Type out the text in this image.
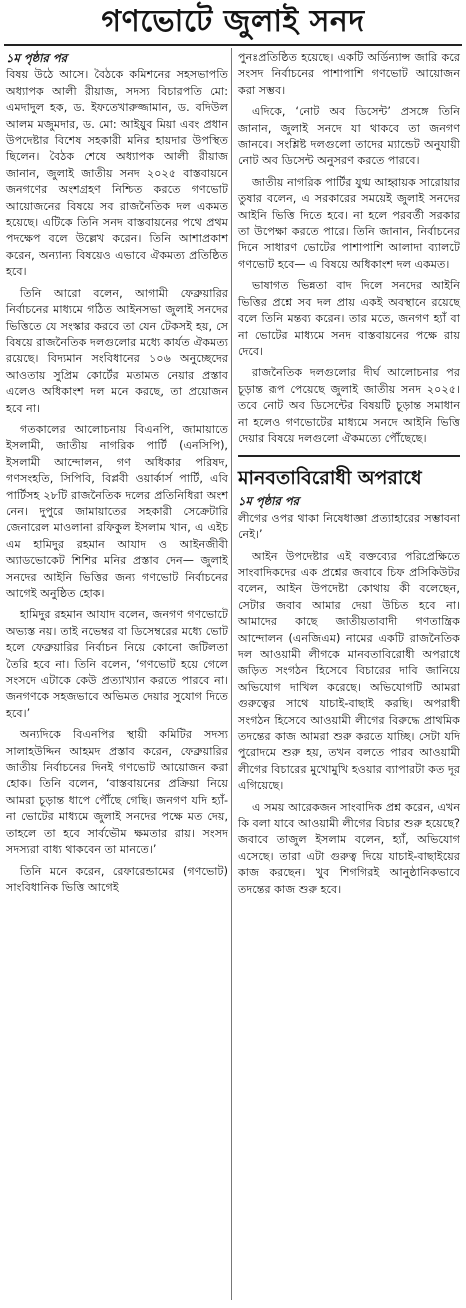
গণভোটে জুলাই সনদ
১ম পৃষ্ঠার পর

বিষয় উঠে আসে। বৈঠকে কমিশনের সহসভাপতি অধ্যাপক আলী রীয়াজ, সদস্য বিচারপতি মো: এমদাদুল হক, ড. ইফতেখারুজ্জামান, ড. বদিউল আলম মজুমদার, ড. মো: আইয়ুব মিয়া এবং প্রধান উপদেষ্টার বিশেষ সহকারী মনির হায়দার উপস্থিত ছিলেন। বৈঠক শেষে অধ্যাপক আলী রীয়াজ জানান, জুলাই জাতীয় সনদ ২০২৫ বাস্তবায়নে জনগণের অংশগ্রহণ নিশ্চিত করতে গণভোট আয়োজনের বিষয়ে সব রাজনৈতিক দল একমত হয়েছে। এটিকে তিনি সনদ বাস্তবায়নের পথে প্রথম পদক্ষেপ বলে উল্লেখ করেন। তিনি আশাপ্রকাশ করেন, অন্যান্য বিষয়েও এভাবে ঐকমত্য প্রতিষ্ঠিত হবে।

তিনি আরো বলেন, আগামী ফেব্রুয়ারির নির্বাচনের মাধ্যমে গঠিত আইনসভা জুলাই সনদের ভিত্তিতে যে সংস্কার করবে তা যেন টেকসই হয়, সে বিষয়ে রাজনৈতিক দলগুলোর মধ্যে কার্যত ঐকমত্য রয়েছে। বিদ্যমান সংবিধানের ১০৬ অনুচ্ছেদের আওতায় সুপ্রিম কোর্টের মতামত নেয়ার প্রস্তাব এলেও অধিকাংশ দল মনে করছে, তা প্রয়োজন হবে না।

গতকালের আলোচনায় বিএনপি, জামায়াতে ইসলামী, জাতীয় নাগরিক পার্টি (এনসিপি), ইসলামী আন্দোলন, গণ অধিকার পরিষদ, গণসংহতি, সিপিবি, বিপ্লবী ওয়ার্কার্স পার্টি, এবি পার্টিসহ ২৮টি রাজনৈতিক দলের প্রতিনিধিরা অংশ নেন। দুপুরে জামায়াতের সহকারী সেক্রেটারি জেনারেল মাওলানা রফিকুল ইসলাম খান, এ এইচ এম হামিদুর রহমান আযাদ ও আইনজীবী অ্যাডভোকেট শিশির মনির প্রস্তাব দেন— জুলাই সনদের আইনি ভিত্তির জন্য গণভোট নির্বাচনের আগেই অনুষ্ঠিত হোক।

হামিদুর রহমান আযাদ বলেন, জনগণ গণভোটে অভ্যস্ত নয়। তাই নভেম্বর বা ডিসেম্বরের মধ্যে ভোট হলে ফেব্রুয়ারির নির্বাচন নিয়ে কোনো জটিলতা তৈরি হবে না। তিনি বলেন, ‘গণভোট হয়ে গেলে সংসদে এটাকে কেউ প্রত্যাখ্যান করতে পারবে না। জনগণকে সহজভাবে অভিমত দেয়ার সুযোগ দিতে হবে।’

অন্যদিকে বিএনপির স্থায়ী কমিটির সদস্য সালাহউদ্দিন আহমদ প্রস্তাব করেন, ফেব্রুয়ারির জাতীয় নির্বাচনের দিনই গণভোট আয়োজন করা হোক। তিনি বলেন, ‘বাস্তবায়নের প্রক্রিয়া নিয়ে আমরা চূড়ান্ত ধাপে পৌঁছে গেছি। জনগণ যদি হ্যাঁ-না ভোটের মাধ্যমে জুলাই সনদের পক্ষে মত দেয়, তাহলে তা হবে সার্বভৌম ক্ষমতার রায়। সংসদ সদস্যরা বাধ্য থাকবেন তা মানতে।’

তিনি মনে করেন, রেফারেন্ডামের (গণভোট) সাংবিধানিক ভিত্তি আগেই

পুনঃপ্রতিষ্ঠিত হয়েছে। একটি অর্ডিন্যান্স জারি করে সংসদ নির্বাচনের পাশাপাশি গণভোট আয়োজন করা সম্ভব।

এদিকে, ‘নোট অব ডিসেন্ট’ প্রসঙ্গে তিনি জানান, জুলাই সনদে যা থাকবে তা জনগণ জানবে। সংশ্লিষ্ট দলগুলো তাদের ম্যান্ডেট অনুযায়ী নোট অব ডিসেন্ট অনুসরণ করতে পারবে।

জাতীয় নাগরিক পার্টির যুগ্ম আহ্বায়ক সারোয়ার তুষার বলেন, এ সরকারের সময়েই জুলাই সনদের আইনি ভিত্তি দিতে হবে। না হলে পরবর্তী সরকার তা উপেক্ষা করতে পারে। তিনি জানান, নির্বাচনের দিনে সাধারণ ভোটের পাশাপাশি আলাদা ব্যালটে গণভোট হবে— এ বিষয়ে অধিকাংশ দল একমত।

ভাষাগত ভিন্নতা বাদ দিলে সনদের আইনি ভিত্তির প্রশ্নে সব দল প্রায় একই অবস্থানে রয়েছে বলে তিনি মন্তব্য করেন। তার মতে, জনগণ হ্যাঁ বা না ভোটের মাধ্যমে সনদ বাস্তবায়নের পক্ষে রায় দেবে।

রাজনৈতিক দলগুলোর দীর্ঘ আলোচনার পর চূড়ান্ত রূপ পেয়েছে জুলাই জাতীয় সনদ ২০২৫। তবে নোট অব ডিসেন্টের বিষয়টি চূড়ান্ত সমাধান না হলেও গণভোটের মাধ্যমে সনদে আইনি ভিত্তি দেয়ার বিষয়ে দলগুলো ঐকমত্যে পৌঁছেছে।

মানবতাবিরোধী অপরাধে
১ম পৃষ্ঠার পর

লীগের ওপর থাকা নিষেধাজ্ঞা প্রত্যাহারের সম্ভাবনা নেই।’

আইন উপদেষ্টার এই বক্তব্যের পরিপ্রেক্ষিতে সাংবাদিকদের এক প্রশ্নের জবাবে চিফ প্রসিকিউটর বলেন, আইন উপদেষ্টা কোথায় কী বলেছেন, সেটার জবাব আমার দেয়া উচিত হবে না। আমাদের কাছে জাতীয়তাবাদী গণতান্ত্রিক আন্দোলন (এনজিএম) নামের একটি রাজনৈতিক দল আওয়ামী লীগকে মানবতাবিরোধী অপরাধে জড়িত সংগঠন হিসেবে বিচারের দাবি জানিয়ে অভিযোগ দাখিল করেছে। অভিযোগটি আমরা গুরুত্বের সাথে যাচাই-বাছাই করছি। অপরাধী সংগঠন হিসেবে আওয়ামী লীগের বিরুদ্ধে প্রাথমিক তদন্তের কাজ আমরা শুরু করতে যাচ্ছি। সেটা যদি পুরোদমে শুরু হয়, তখন বলতে পারব আওয়ামী লীগের বিচারের মুখোমুখি হওয়ার ব্যাপারটা কত দূর এগিয়েছে।

এ সময় আরেকজন সাংবাদিক প্রশ্ন করেন, এখন কি বলা যাবে আওয়ামী লীগের বিচার শুরু হয়েছে? জবাবে তাজুল ইসলাম বলেন, হ্যাঁ, অভিযোগ এসেছে। তারা এটা গুরুত্ব দিয়ে যাচাই-বাছাইয়ের কাজ করছেন। খুব শিগগিরই আনুষ্ঠানিকভাবে তদন্তের কাজ শুরু হবে।
